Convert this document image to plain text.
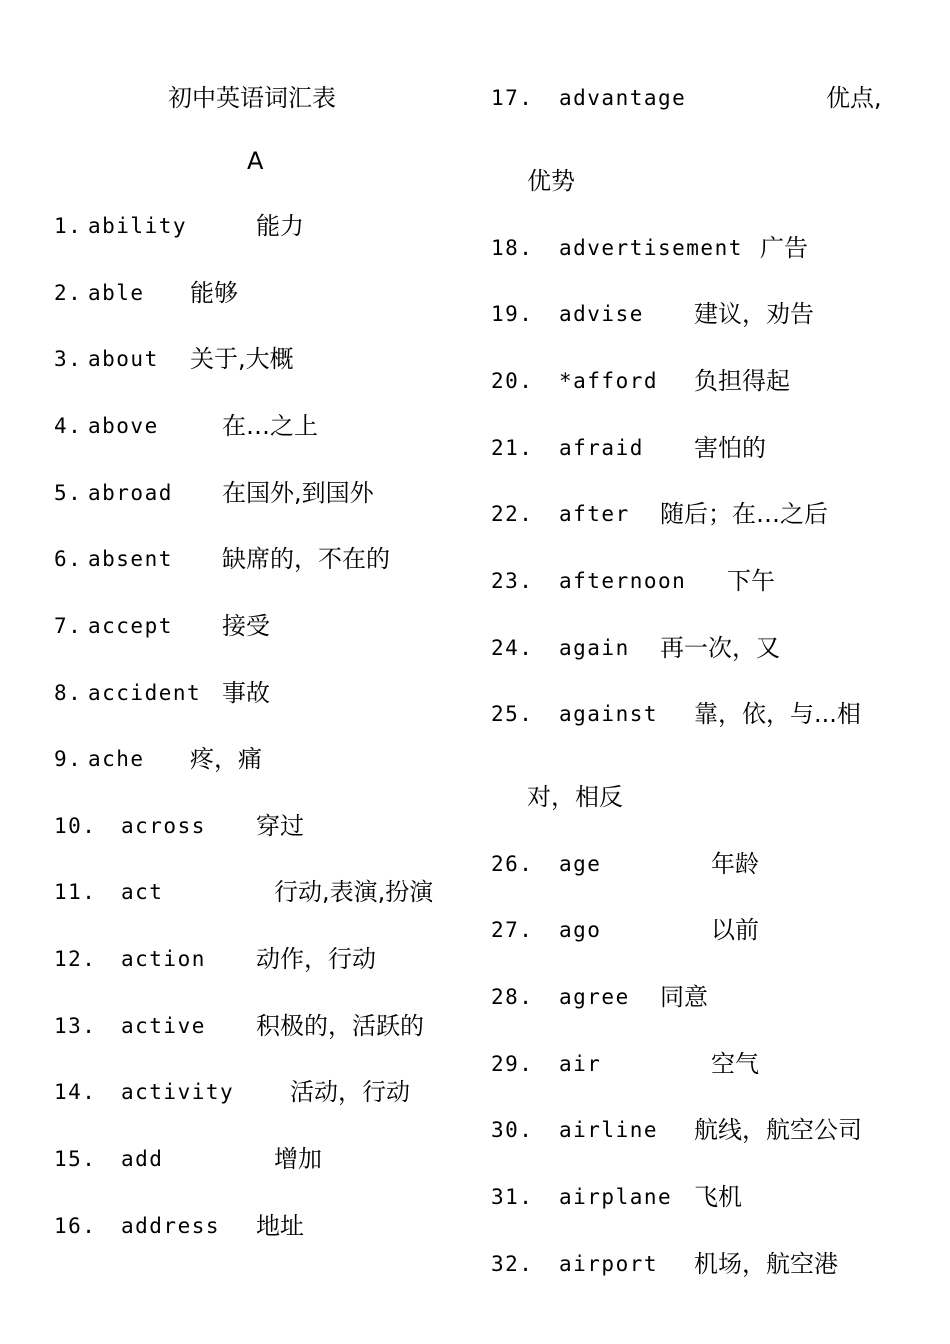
初中英语词汇表
A
1. ability	能力
2. able 能够
3. about 关于,大概
4. above	在…之上
5. abroad 在国外,到国外
6. absent 缺席的，不在的
7. accept 接受
8. accident 事故
9. ache 疼，痛
10. across 穿过
11. act	行动,表演,扮演
12. action 动作，行动
13. active 积极的，活跃的
14. activity 活动，行动
15. add	增加
16. address 地址
17. advantage	优点,
优势
18. advertisement 广告
19. advise 建议，劝告
20. *afford 负担得起
21. afraid 害怕的
22. after 随后；在…之后
23. afternoon 下午
24. again 再一次，又
25. against 靠，依，与...相
对，相反
26. age	年龄
27. ago	以前
28. agree 同意
29. air	空气
30. airline 航线，航空公司
31. airplane 飞机
32. airport 机场，航空港
